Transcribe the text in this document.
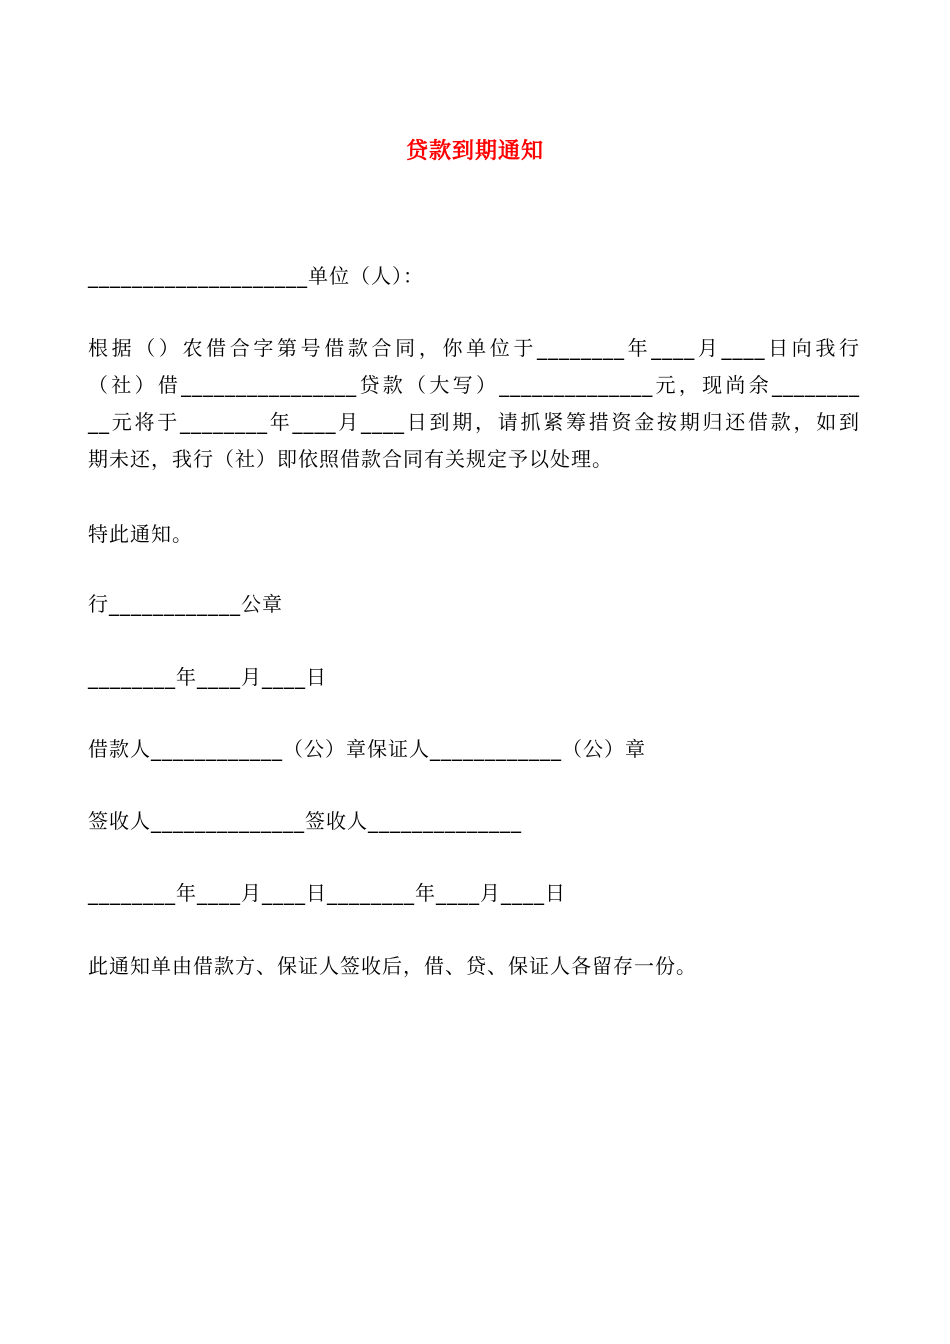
贷款到期通知
____________________单位（人）：
根据（）农借合字第号借款合同，你单位于________年____月____日向我行
（社）借________________贷款（大写）______________元，现尚余________
__元将于________年____月____日到期，请抓紧筹措资金按期归还借款，如到
期未还，我行（社）即依照借款合同有关规定予以处理。
特此通知。
行____________公章
________年____月____日
借款人____________（公）章保证人____________（公）章
签收人______________签收人______________
________年____月____日________年____月____日
此通知单由借款方、保证人签收后，借、贷、保证人各留存一份。
